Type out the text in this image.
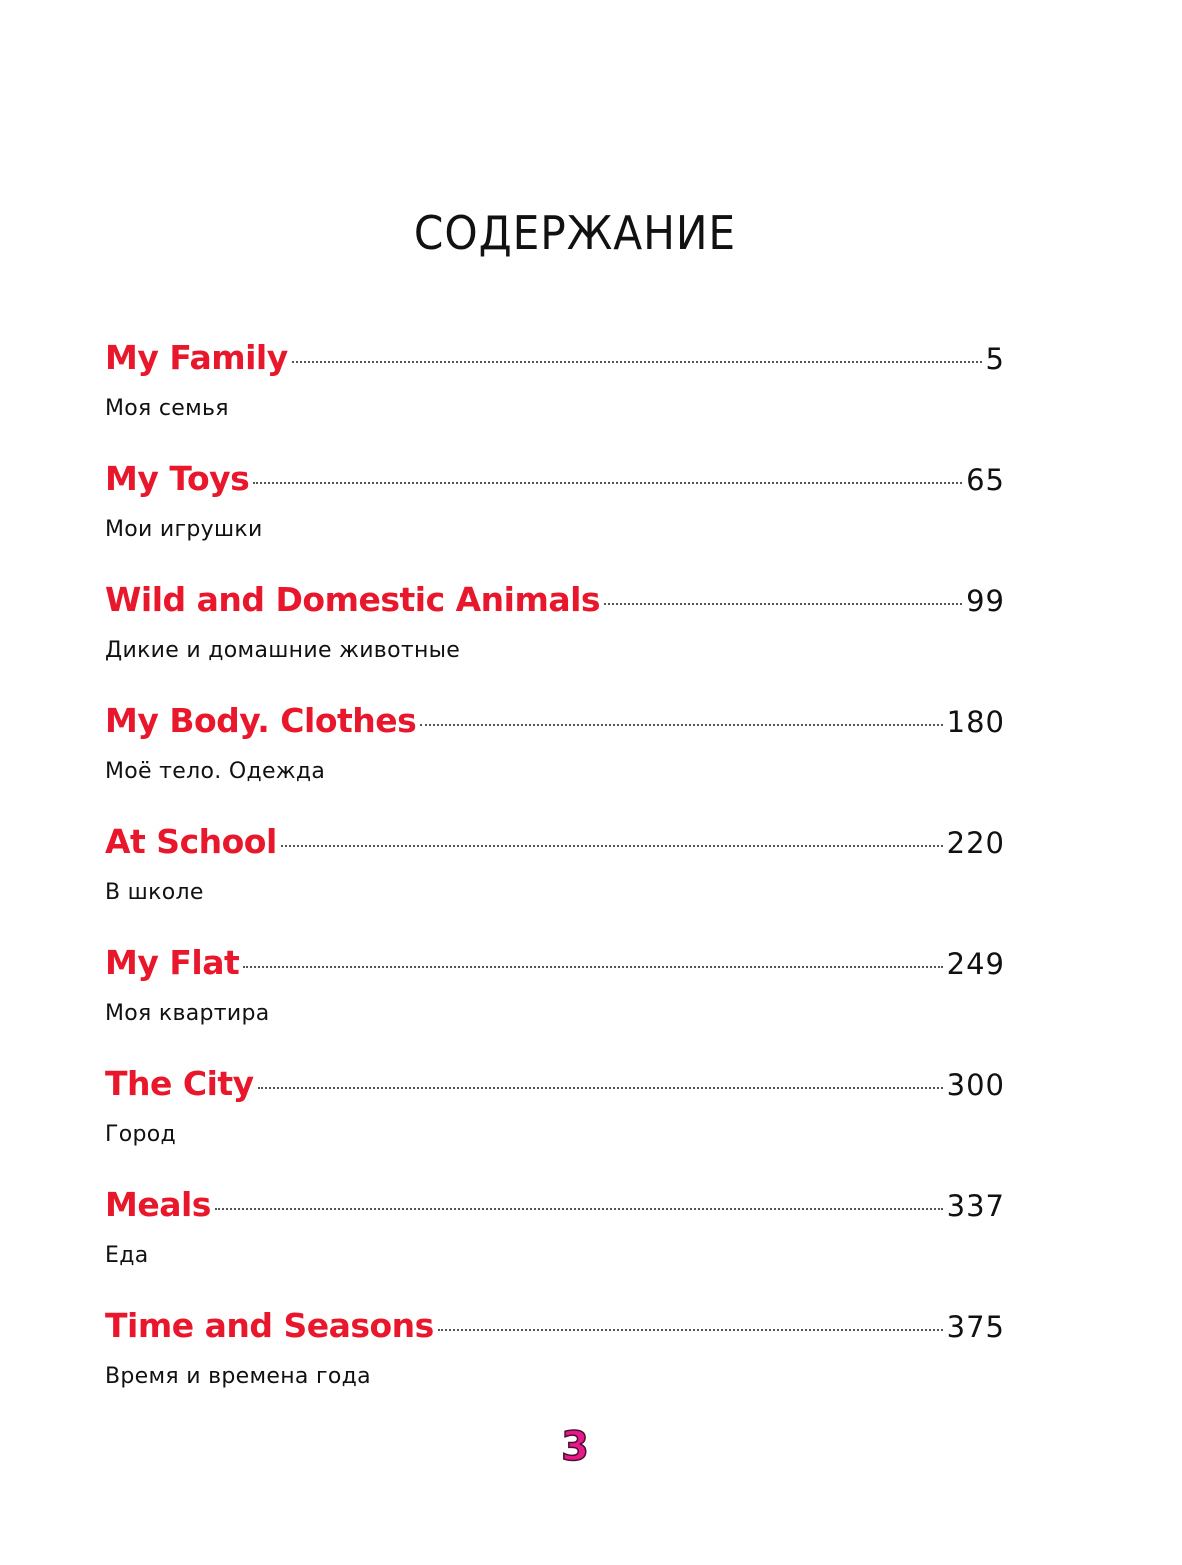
СОДЕРЖАНИЕ
My Family	5
Моя семья
My Toys	65
Мои игрушки
Wild and Domestic Animals	99
Дикие и домашние животные
My Body. Clothes	180
Моё тело. Одежда
At School	220
В школе
My Flat	249
Моя квартира
The City	300
Город
Meals	337
Еда
Time and Seasons	375
Время и времена года
3
